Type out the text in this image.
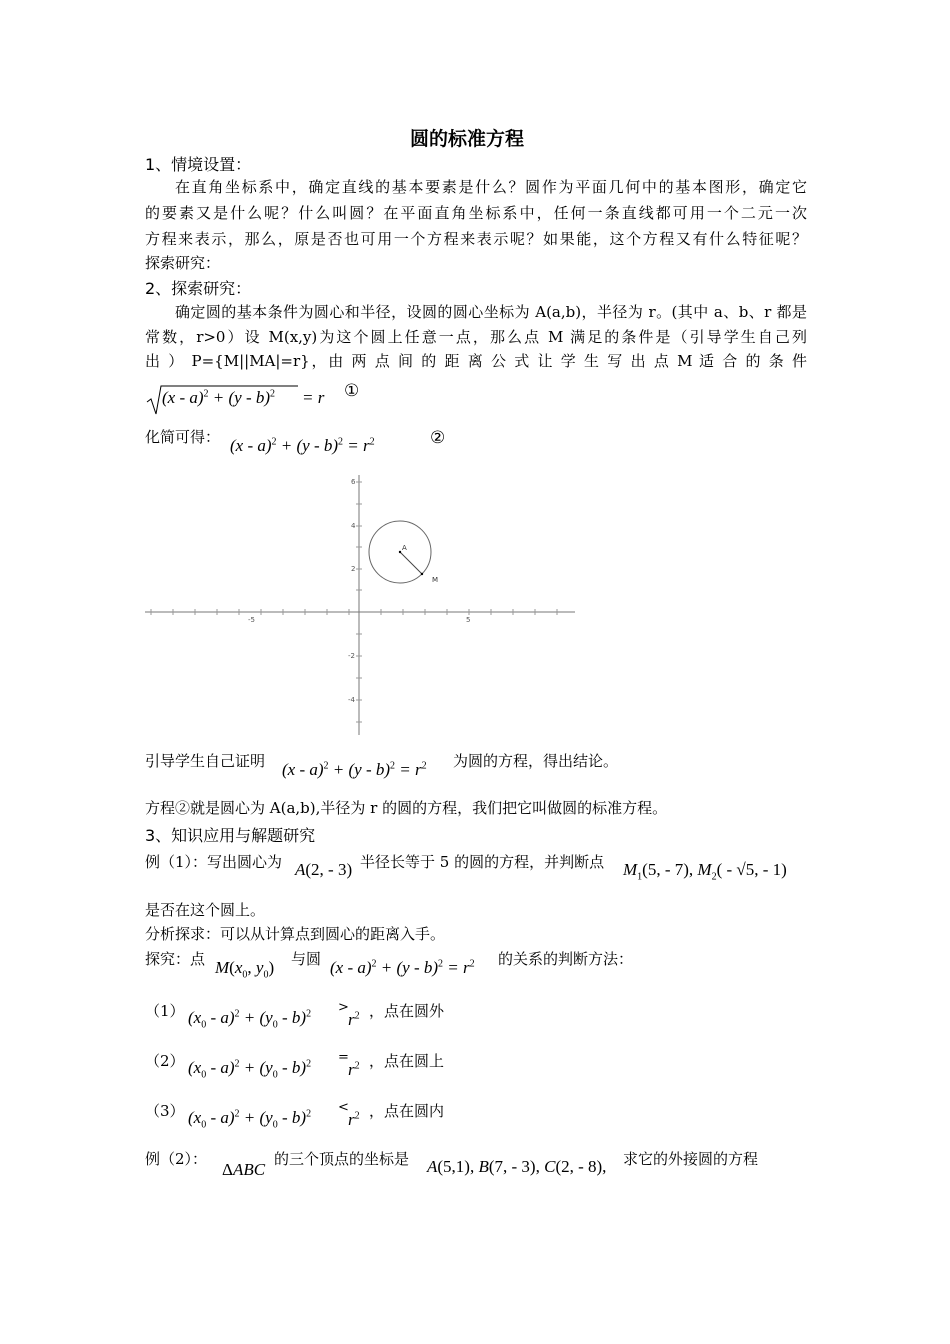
圆的标准方程
1、情境设置：
在直角坐标系中，确定直线的基本要素是什么？圆作为平面几何中的基本图形，确定它
的要素又是什么呢？什么叫圆？在平面直角坐标系中，任何一条直线都可用一个二元一次
方程来表示，那么，原是否也可用一个方程来表示呢？如果能，这个方程又有什么特征呢？
探索研究：
2、探索研究：
确定圆的基本条件为圆心和半径，设圆的圆心坐标为 A(a,b)，半径为 r。(其中 a、b、r 都是
常数，r>0）设 M(x,y)为这个圆上任意一点，那么点 M 满足的条件是（引导学生自己列
出 ） P={M||MA|=r}，由 两 点 间 的 距 离 公 式 让 学 生 写 出 点 M 适 合 的 条 件
(x - a)$^2$ + (y - b)$^2$ = r ①
化简可得： $(x - a)^2 + (y - b)^2 = r^2$	②
-5	5
6
4
2
-2
-4
A
M
引导学生自己证明 $(x - a)^2 + (y - b)^2 = r^2$ 为圆的方程，得出结论。
方程②就是圆心为 A(a,b),半径为 r 的圆的方程，我们把它叫做圆的标准方程。
3、知识应用与解题研究
例（1）：写出圆心为 A(2, - 3) 半径长等于 5 的圆的方程，并判断点 $M_1(5$, - 7), $M_2( - √5$, - 1)
是否在这个圆上。
分析探求：可以从计算点到圆心的距离入手。
探究：点 $M(x_0$, $y_0$) 与圆 $(x - a)^2 + (y - b)^2 = r^2$ 的关系的判断方法：
（1） $(x_0 - a)^2 + (y_0 - b)^2$ >
$r^2$ ，点在圆外
（2） $(x_0 - a)^2 + (y_0 - b)^2$ =
$r^2$ ，点在圆上
（3） $(x_0 - a)^2 + (y_0 - b)^2$ <
$r^2$ ，点在圆内
例（2）：
ΔABC
的三个顶点的坐标是 A(5,1), B(7, - 3), C(2, - 8), 求它的外接圆的方程
